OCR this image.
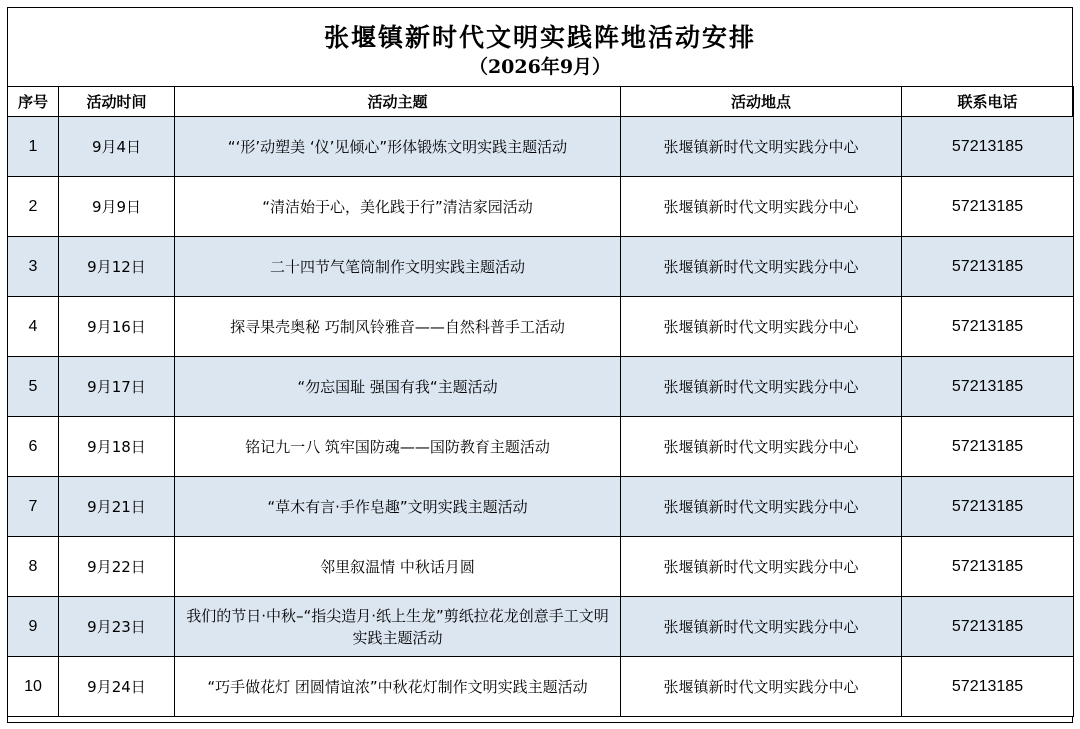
张堰镇新时代文明实践阵地活动安排
（2026年9月）
序号	活动时间	活动主题	活动地点	联系电话
1	9月4日	“‘形’动塑美 ‘仪’见倾心”形体锻炼文明实践主题活动	张堰镇新时代文明实践分中心	57213185
2	9月9日	“清洁始于心，美化践于行”清洁家园活动	张堰镇新时代文明实践分中心	57213185
3	9月12日	二十四节气笔筒制作文明实践主题活动	张堰镇新时代文明实践分中心	57213185
4	9月16日	探寻果壳奥秘 巧制风铃雅音——自然科普手工活动	张堰镇新时代文明实践分中心	57213185
5	9月17日	“勿忘国耻 强国有我“主题活动	张堰镇新时代文明实践分中心	57213185
6	9月18日	铭记九一八 筑牢国防魂——国防教育主题活动	张堰镇新时代文明实践分中心	57213185
7	9月21日	“草木有言·手作皂趣”文明实践主题活动	张堰镇新时代文明实践分中心	57213185
8	9月22日	邻里叙温情 中秋话月圆	张堰镇新时代文明实践分中心	57213185
9	9月23日	我们的节日·中秋–“指尖造月·纸上生龙”剪纸拉花龙创意手工文明实践主题活动	张堰镇新时代文明实践分中心	57213185
10	9月24日	“巧手做花灯 团圆情谊浓”中秋花灯制作文明实践主题活动	张堰镇新时代文明实践分中心	57213185
